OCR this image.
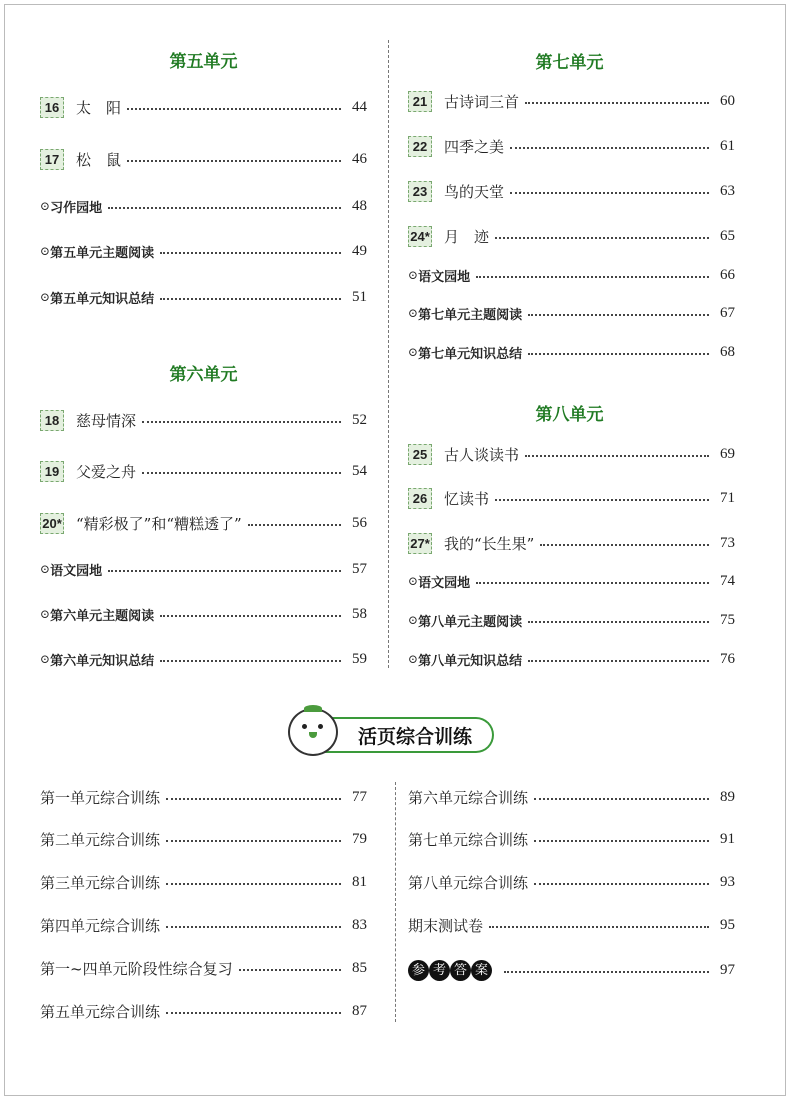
第五单元
第六单元
第七单元
第八单元
活页综合训练
16	太　阳	44
17	松　鼠	46
⊙ 习作园地	48
⊙ 第五单元主题阅读	49
⊙ 第五单元知识总结	51
18	慈母情深	52
19	父爱之舟	54
20* “精彩极了”和“糟糕透了”	56
⊙ 语文园地	57
⊙ 第六单元主题阅读	58
⊙ 第六单元知识总结	59
21	古诗词三首	60
22	四季之美	61
23	鸟的天堂	63
24* 月　迹	65
⊙ 语文园地	66
⊙ 第七单元主题阅读	67
⊙ 第七单元知识总结	68
25	古人谈读书	69
26	忆读书	71
27* 我的“长生果”	73
⊙ 语文园地	74
⊙ 第八单元主题阅读	75
⊙ 第八单元知识总结	76
第一单元综合训练	77
第二单元综合训练	79
第三单元综合训练	81
第四单元综合训练	83
第一~四单元阶段性综合复习	85
第五单元综合训练	87
第六单元综合训练	89
第七单元综合训练	91
第八单元综合训练	93
期末测试卷	95
参 考 答 案	97
